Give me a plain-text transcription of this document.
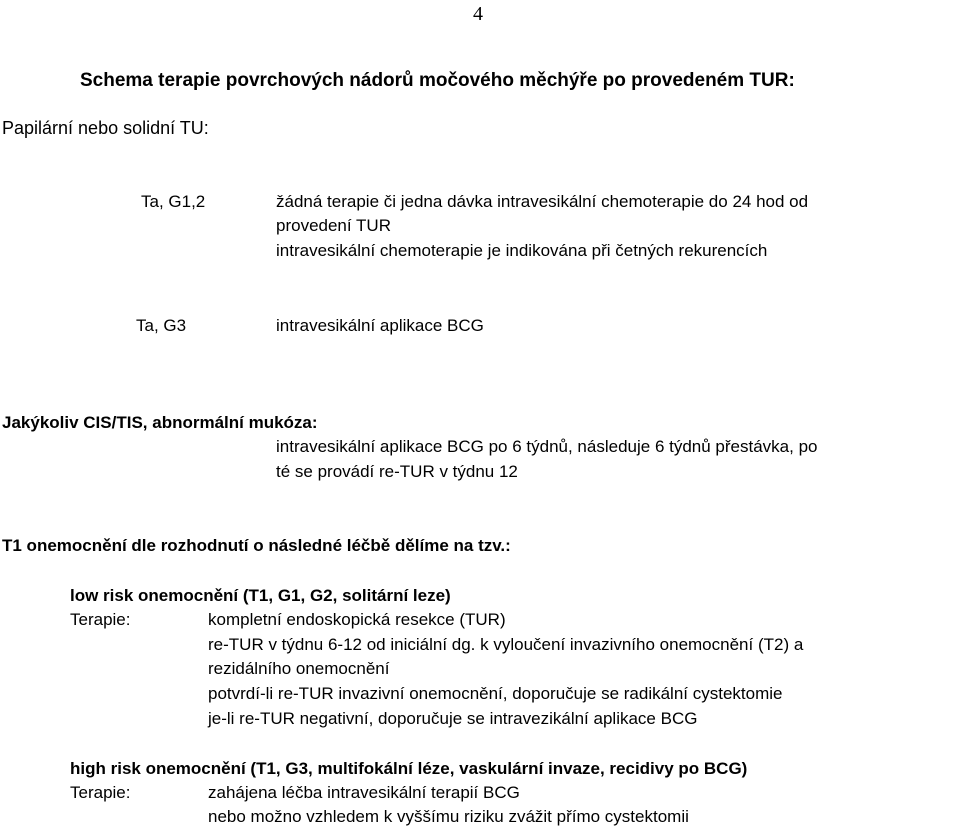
4
Schema terapie povrchových nádorů močového měchýře po provedeném TUR:
Papilární nebo solidní TU:
Ta, G1,2	žádná terapie či jedna dávka intravesikální chemoterapie do 24 hod od
provedení TUR
intravesikální chemoterapie je indikována při četných rekurencích
Ta, G3	intravesikální aplikace BCG
Jakýkoliv CIS/TIS, abnormální mukóza:
intravesikální aplikace BCG po 6 týdnů, následuje 6 týdnů přestávka, po
té se provádí re-TUR v týdnu 12
T1 onemocnění dle rozhodnutí o následné léčbě dělíme na tzv.:
low risk onemocnění (T1, G1, G2, solitární leze)
Terapie:	kompletní endoskopická resekce (TUR)
re-TUR v týdnu 6-12 od iniciální dg. k vyloučení invazivního onemocnění (T2) a
rezidálního onemocnění
potvrdí-li re-TUR invazivní onemocnění, doporučuje se radikální cystektomie
je-li re-TUR negativní, doporučuje se intravezikální aplikace BCG
high risk onemocnění (T1, G3, multifokální léze, vaskulární invaze, recidivy po BCG)
Terapie:	zahájena léčba intravesikální terapií BCG
nebo možno vzhledem k vyššímu riziku zvážit přímo cystektomii
